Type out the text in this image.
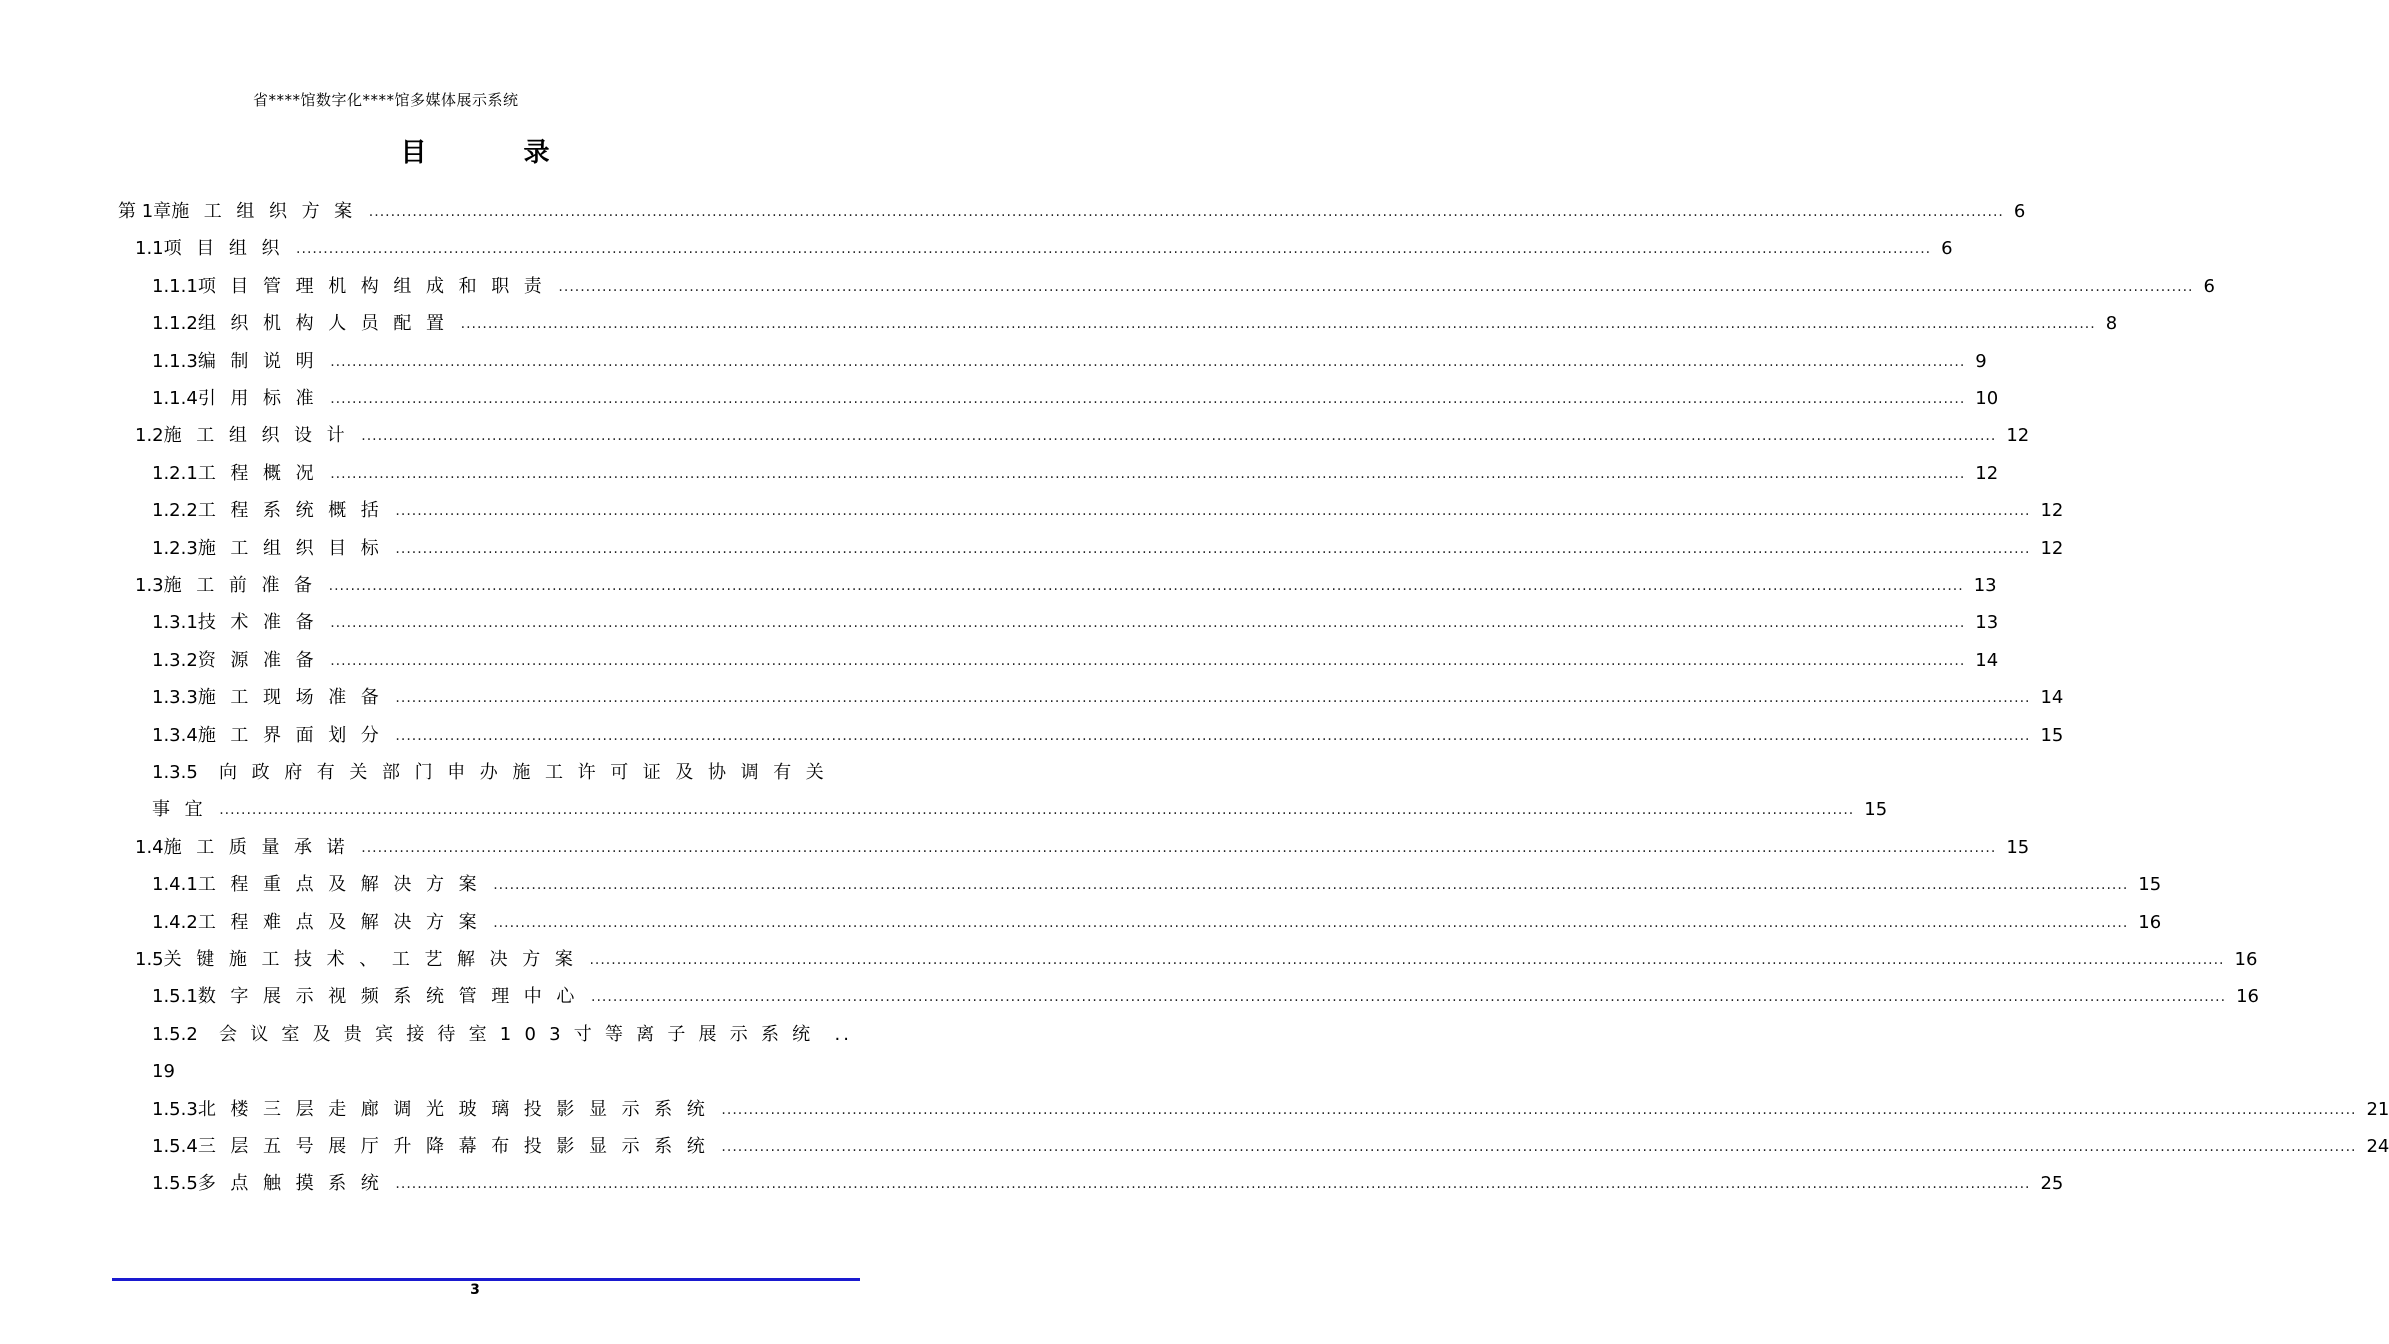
省****馆数字化****馆多媒体展示系统
目 录
第 1章 施工组织方案 ............................................................................................................................................................................................................................................................................................................ 6
1.1 项目组织 ............................................................................................................................................................................................................................................................................................................ 6
1.1.1 项目管理机构组成和职责 ............................................................................................................................................................................................................................................................................................................ 6
1.1.2 组织机构人员配置 ............................................................................................................................................................................................................................................................................................................ 8
1.1.3 编制说明 ............................................................................................................................................................................................................................................................................................................ 9
1.1.4 引用标准 ............................................................................................................................................................................................................................................................................................................ 10
1.2 施工组织设计 ............................................................................................................................................................................................................................................................................................................ 12
1.2.1 工程概况 ............................................................................................................................................................................................................................................................................................................ 12
1.2.2 工程系统概括 ............................................................................................................................................................................................................................................................................................................ 12
1.2.3 施工组织目标 ............................................................................................................................................................................................................................................................................................................ 12
1.3 施工前准备 ............................................................................................................................................................................................................................................................................................................ 13
1.3.1 技术准备 ............................................................................................................................................................................................................................................................................................................ 13
1.3.2 资源准备 ............................................................................................................................................................................................................................................................................................................ 14
1.3.3 施工现场准备 ............................................................................................................................................................................................................................................................................................................ 14
1.3.4 施工界面划分 ............................................................................................................................................................................................................................................................................................................ 15
1.3.5	向政府有关部门申办施工许可证及协调有关
事宜 ............................................................................................................................................................................................................................................................................................................ 15
1.4 施工质量承诺 ............................................................................................................................................................................................................................................................................................................ 15
1.4.1 工程重点及解决方案 ............................................................................................................................................................................................................................................................................................................ 15
1.4.2 工程难点及解决方案 ............................................................................................................................................................................................................................................................................................................ 16
1.5 关键施工技术、工艺解决方案 ............................................................................................................................................................................................................................................................................................................ 16
1.5.1 数字展示视频系统管理中心 ............................................................................................................................................................................................................................................................................................................ 16
1.5.2	会议室及贵宾接待室103寸等离子展示系统 ..
19
1.5.3 北楼三层走廊调光玻璃投影显示系统 ............................................................................................................................................................................................................................................................................................................ 21
1.5.4 三层五号展厅升降幕布投影显示系统 ............................................................................................................................................................................................................................................................................................................ 24
1.5.5 多点触摸系统 ............................................................................................................................................................................................................................................................................................................ 25
3
